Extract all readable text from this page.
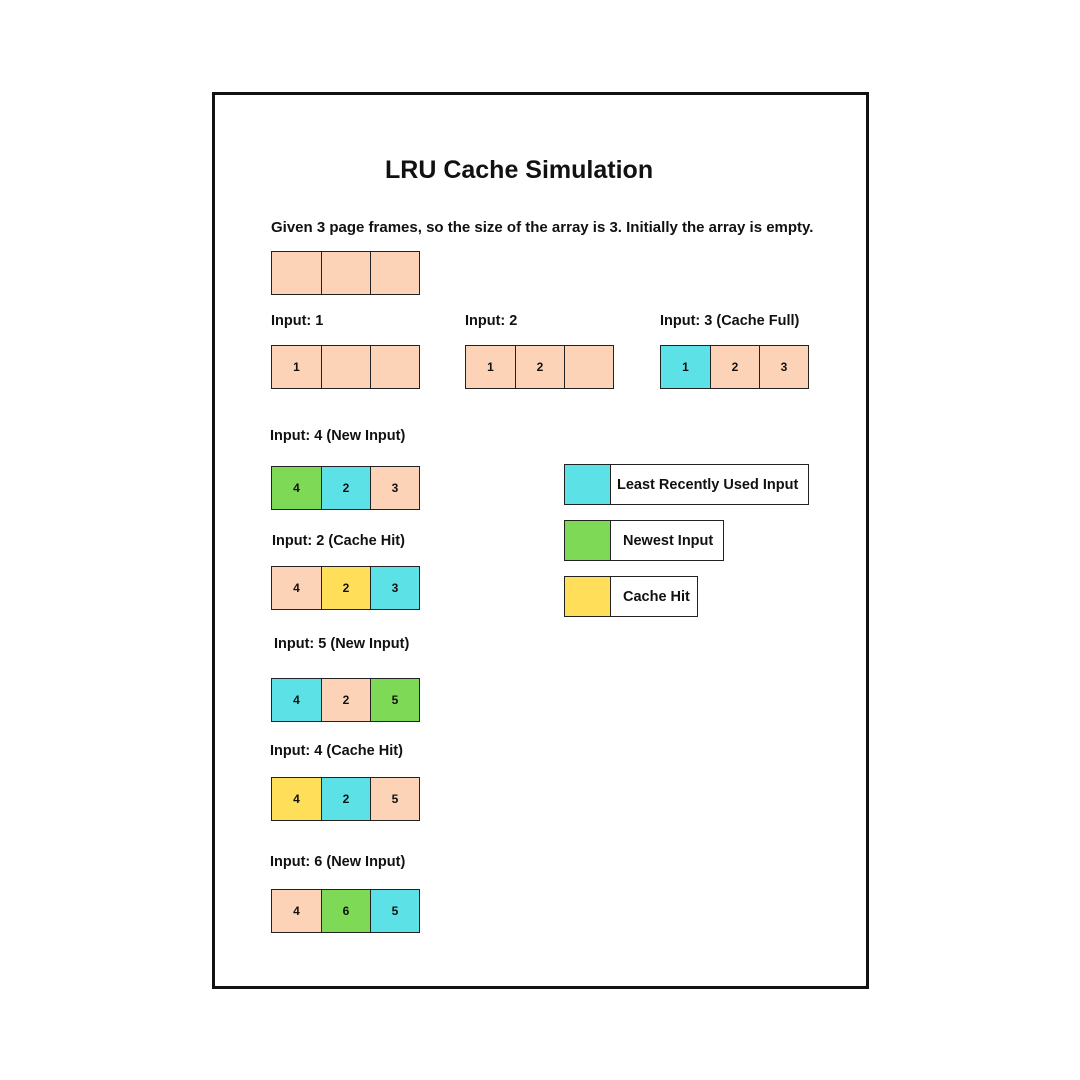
LRU Cache Simulation
Given 3 page frames, so the size of the array is 3. Initially the array is empty.
Input: 1
1
Input: 2
1	2
Input: 3 (Cache Full)
1	2	3
Input: 4 (New Input)
4	2	3
Input: 2 (Cache Hit)
4	2	3
Input: 5 (New Input)
4	2	5
Input: 4 (Cache Hit)
4	2	5
Input: 6 (New Input)
4	6	5
Least Recently Used Input
Newest Input
Cache Hit
